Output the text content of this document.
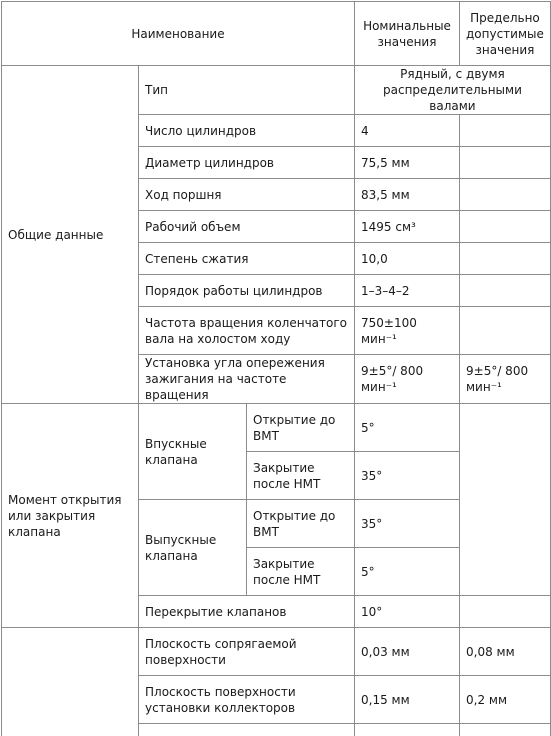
Наименование			Номинальные значения	Предельно допустимые значения
Общие данные	Тип		Рядный, с двумя распределительными валами	
	Число цилиндров		4	
	Диаметр цилиндров		75,5 мм	
	Ход поршня		83,5 мм	
	Рабочий объем		1495 см³	
	Степень сжатия		10,0	
	Порядок работы цилиндров		1–3–4–2	
	Частота вращения коленчатого вала на холостом ходу		750±100 мин⁻¹	
	Установка угла опережения зажигания на частоте вращения		9±5°/ 800 мин⁻¹	9±5°/ 800 мин⁻¹
Момент открытия или закрытия клапана	Впускные клапана	Открытие до ВМТ	5°	
		Закрытие после НМТ	35°	
	Выпускные клапана	Открытие до ВМТ	35°	
		Закрытие после НМТ	5°	
	Перекрытие клапанов		10°	
	Плоскость сопрягаемой поверхности		0,03 мм	0,08 мм
	Плоскость поверхности установки коллекторов		0,15 мм	0,2 мм
